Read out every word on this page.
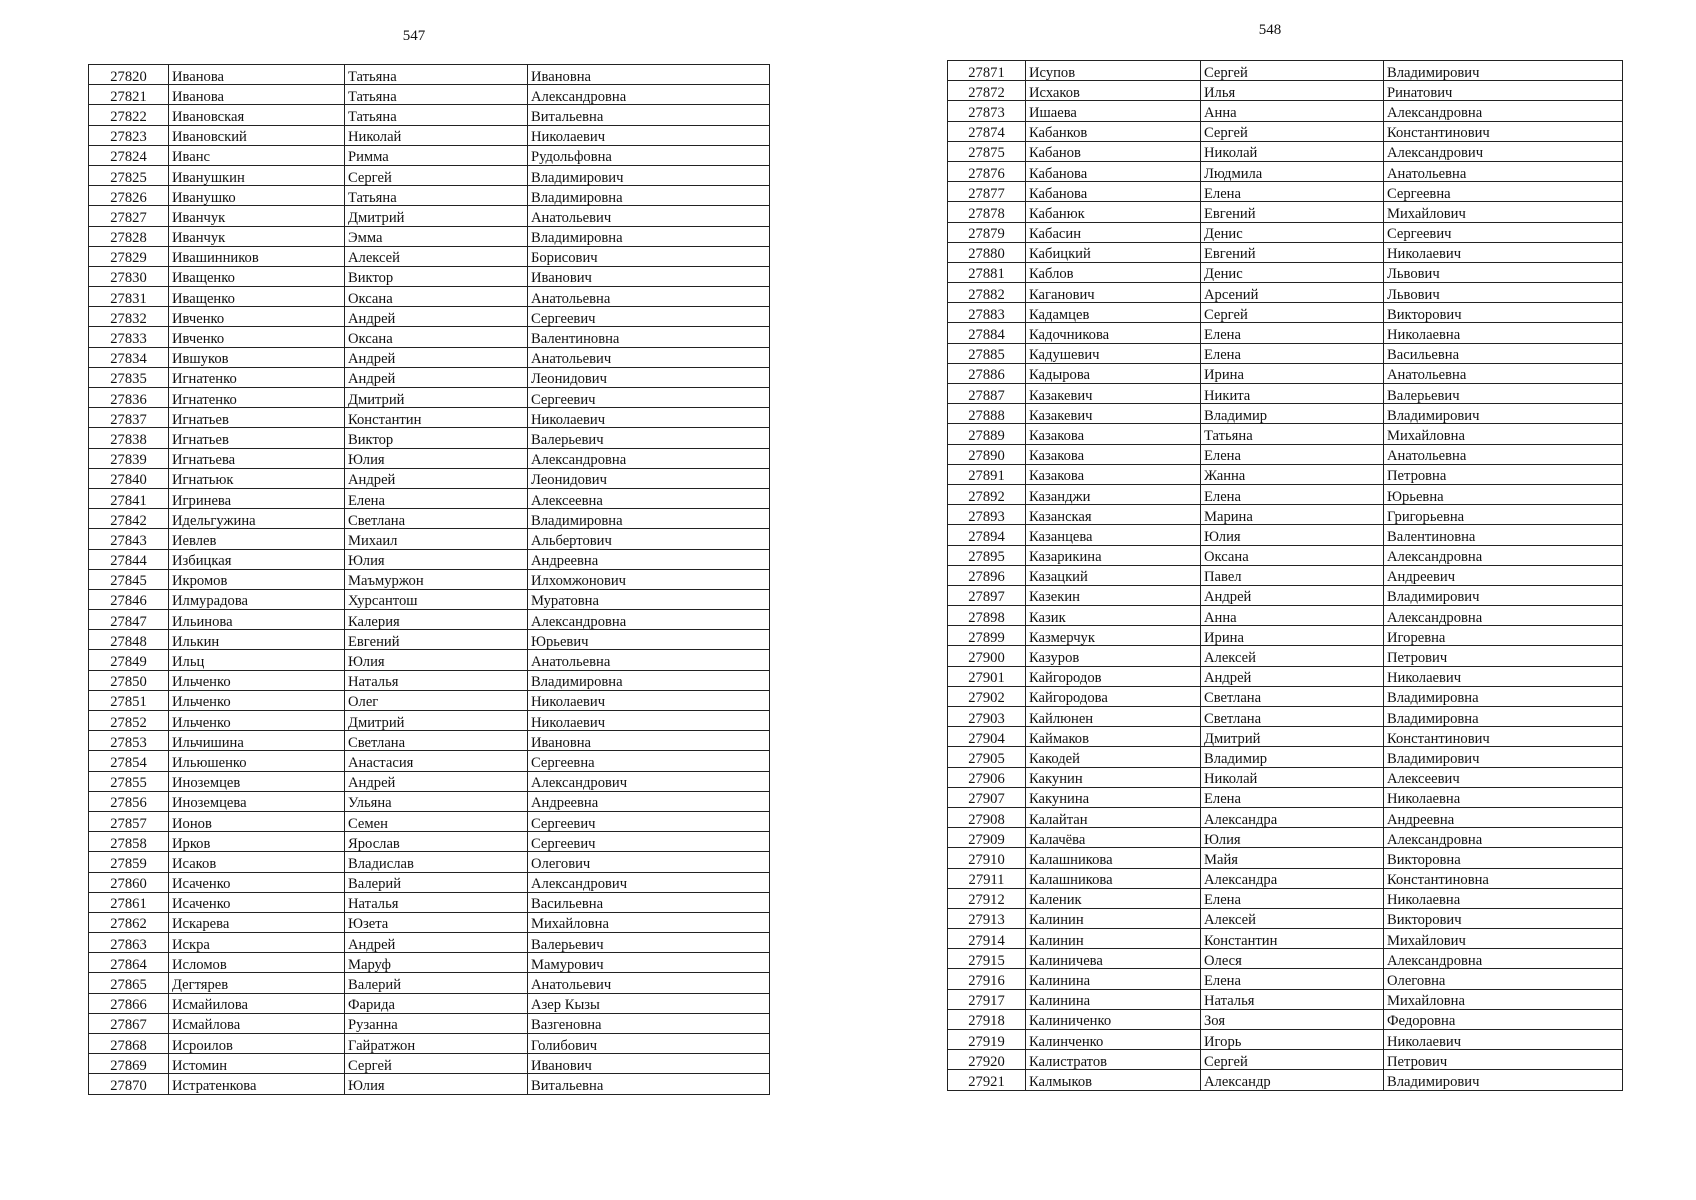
547
27820	Иванова	Татьяна	Ивановна
27821	Иванова	Татьяна	Александровна
27822	Ивановская	Татьяна	Витальевна
27823	Ивановский	Николай	Николаевич
27824	Иванс	Римма	Рудольфовна
27825	Иванушкин	Сергей	Владимирович
27826	Иванушко	Татьяна	Владимировна
27827	Иванчук	Дмитрий	Анатольевич
27828	Иванчук	Эмма	Владимировна
27829	Ивашинников	Алексей	Борисович
27830	Иващенко	Виктор	Иванович
27831	Иващенко	Оксана	Анатольевна
27832	Ивченко	Андрей	Сергеевич
27833	Ивченко	Оксана	Валентиновна
27834	Ившуков	Андрей	Анатольевич
27835	Игнатенко	Андрей	Леонидович
27836	Игнатенко	Дмитрий	Сергеевич
27837	Игнатьев	Константин	Николаевич
27838	Игнатьев	Виктор	Валерьевич
27839	Игнатьева	Юлия	Александровна
27840	Игнатьюк	Андрей	Леонидович
27841	Игринева	Елена	Алексеевна
27842	Идельгужина	Светлана	Владимировна
27843	Иевлев	Михаил	Альбертович
27844	Избицкая	Юлия	Андреевна
27845	Икромов	Маъмуржон	Илхомжонович
27846	Илмурадова	Хурсантош	Муратовна
27847	Ильинова	Калерия	Александровна
27848	Илькин	Евгений	Юрьевич
27849	Ильц	Юлия	Анатольевна
27850	Ильченко	Наталья	Владимировна
27851	Ильченко	Олег	Николаевич
27852	Ильченко	Дмитрий	Николаевич
27853	Ильчишина	Светлана	Ивановна
27854	Ильюшенко	Анастасия	Сергеевна
27855	Иноземцев	Андрей	Александрович
27856	Иноземцева	Ульяна	Андреевна
27857	Ионов	Семен	Сергеевич
27858	Ирков	Ярослав	Сергеевич
27859	Исаков	Владислав	Олегович
27860	Исаченко	Валерий	Александрович
27861	Исаченко	Наталья	Васильевна
27862	Искарева	Юзета	Михайловна
27863	Искра	Андрей	Валерьевич
27864	Исломов	Маруф	Мамурович
27865	Дегтярев	Валерий	Анатольевич
27866	Исмайилова	Фарида	Азер Кызы
27867	Исмайлова	Рузанна	Вазгеновна
27868	Исроилов	Гайратжон	Голибович
27869	Истомин	Сергей	Иванович
27870	Истратенкова	Юлия	Витальевна
548
27871	Исупов	Сергей	Владимирович
27872	Исхаков	Илья	Ринатович
27873	Ишаева	Анна	Александровна
27874	Кабанков	Сергей	Константинович
27875	Кабанов	Николай	Александрович
27876	Кабанова	Людмила	Анатольевна
27877	Кабанова	Елена	Сергеевна
27878	Кабанюк	Евгений	Михайлович
27879	Кабасин	Денис	Сергеевич
27880	Кабицкий	Евгений	Николаевич
27881	Каблов	Денис	Львович
27882	Каганович	Арсений	Львович
27883	Кадамцев	Сергей	Викторович
27884	Кадочникова	Елена	Николаевна
27885	Кадушевич	Елена	Васильевна
27886	Кадырова	Ирина	Анатольевна
27887	Казакевич	Никита	Валерьевич
27888	Казакевич	Владимир	Владимирович
27889	Казакова	Татьяна	Михайловна
27890	Казакова	Елена	Анатольевна
27891	Казакова	Жанна	Петровна
27892	Казанджи	Елена	Юрьевна
27893	Казанская	Марина	Григорьевна
27894	Казанцева	Юлия	Валентиновна
27895	Казарикина	Оксана	Александровна
27896	Казацкий	Павел	Андреевич
27897	Казекин	Андрей	Владимирович
27898	Казик	Анна	Александровна
27899	Казмерчук	Ирина	Игоревна
27900	Казуров	Алексей	Петрович
27901	Кайгородов	Андрей	Николаевич
27902	Кайгородова	Светлана	Владимировна
27903	Кайлюнен	Светлана	Владимировна
27904	Каймаков	Дмитрий	Константинович
27905	Какодей	Владимир	Владимирович
27906	Какунин	Николай	Алексеевич
27907	Какунина	Елена	Николаевна
27908	Калайтан	Александра	Андреевна
27909	Калачёва	Юлия	Александровна
27910	Калашникова	Майя	Викторовна
27911	Калашникова	Александра	Константиновна
27912	Каленик	Елена	Николаевна
27913	Калинин	Алексей	Викторович
27914	Калинин	Константин	Михайлович
27915	Калиничева	Олеся	Александровна
27916	Калинина	Елена	Олеговна
27917	Калинина	Наталья	Михайловна
27918	Калиниченко	Зоя	Федоровна
27919	Калинченко	Игорь	Николаевич
27920	Калистратов	Сергей	Петрович
27921	Калмыков	Александр	Владимирович
